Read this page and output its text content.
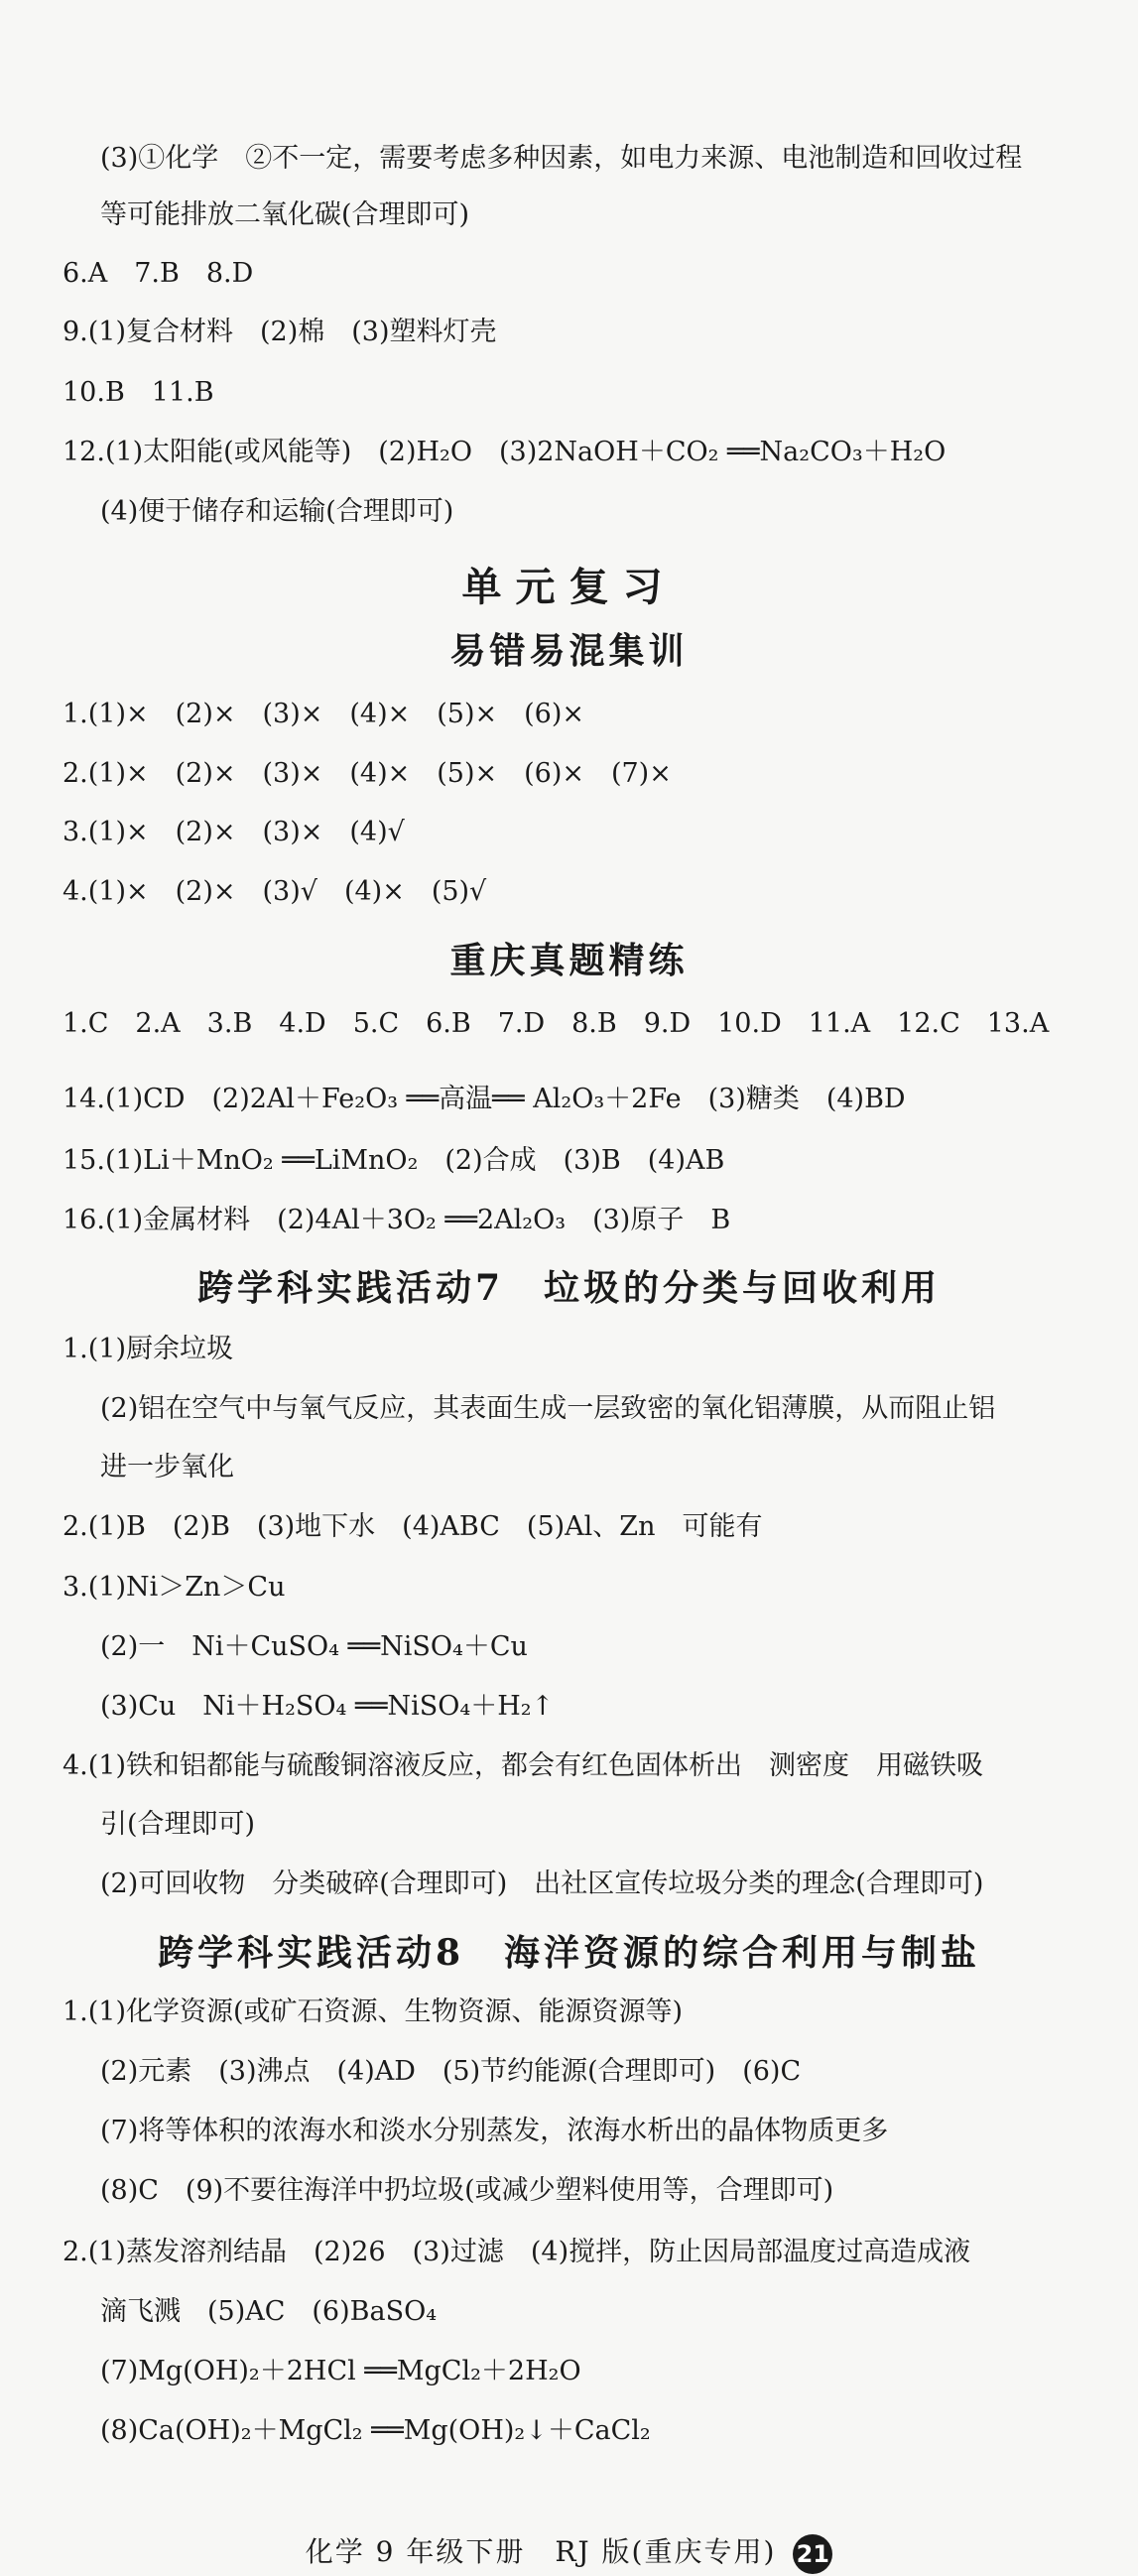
(3)①化学　②不一定，需要考虑多种因素，如电力来源、电池制造和回收过程
等可能排放二氧化碳(合理即可)
6.A　7.B　8.D
9.(1)复合材料　(2)棉　(3)塑料灯壳
10.B　11.B
12.(1)太阳能(或风能等)　(2)H₂O　(3)2NaOH＋CO₂ ══Na₂CO₃＋H₂O
(4)便于储存和运输(合理即可)
单元复习
易错易混集训
1.(1)×　(2)×　(3)×　(4)×　(5)×　(6)×
2.(1)×　(2)×　(3)×　(4)×　(5)×　(6)×　(7)×
3.(1)×　(2)×　(3)×　(4)√
4.(1)×　(2)×　(3)√　(4)×　(5)√
重庆真题精练
1.C　2.A　3.B　4.D　5.C　6.B　7.D　8.B　9.D　10.D　11.A　12.C　13.A
14.(1)CD　(2)2Al＋Fe₂O₃ ══高温══ Al₂O₃＋2Fe　(3)糖类　(4)BD
15.(1)Li＋MnO₂ ══LiMnO₂　(2)合成　(3)B　(4)AB
16.(1)金属材料　(2)4Al＋3O₂ ══2Al₂O₃　(3)原子　B
跨学科实践活动7　垃圾的分类与回收利用
1.(1)厨余垃圾
(2)铝在空气中与氧气反应，其表面生成一层致密的氧化铝薄膜，从而阻止铝
进一步氧化
2.(1)B　(2)B　(3)地下水　(4)ABC　(5)Al、Zn　可能有
3.(1)Ni＞Zn＞Cu
(2)一　Ni＋CuSO₄ ══NiSO₄＋Cu
(3)Cu　Ni＋H₂SO₄ ══NiSO₄＋H₂↑
4.(1)铁和铝都能与硫酸铜溶液反应，都会有红色固体析出　测密度　用磁铁吸
引(合理即可)
(2)可回收物　分类破碎(合理即可)　出社区宣传垃圾分类的理念(合理即可)
跨学科实践活动8　海洋资源的综合利用与制盐
1.(1)化学资源(或矿石资源、生物资源、能源资源等)
(2)元素　(3)沸点　(4)AD　(5)节约能源(合理即可)　(6)C
(7)将等体积的浓海水和淡水分别蒸发，浓海水析出的晶体物质更多
(8)C　(9)不要往海洋中扔垃圾(或减少塑料使用等，合理即可)
2.(1)蒸发溶剂结晶　(2)26　(3)过滤　(4)搅拌，防止因局部温度过高造成液
滴飞溅　(5)AC　(6)BaSO₄
(7)Mg(OH)₂＋2HCl ══MgCl₂＋2H₂O
(8)Ca(OH)₂＋MgCl₂ ══Mg(OH)₂↓＋CaCl₂
化学 9 年级下册　RJ 版(重庆专用) 21
